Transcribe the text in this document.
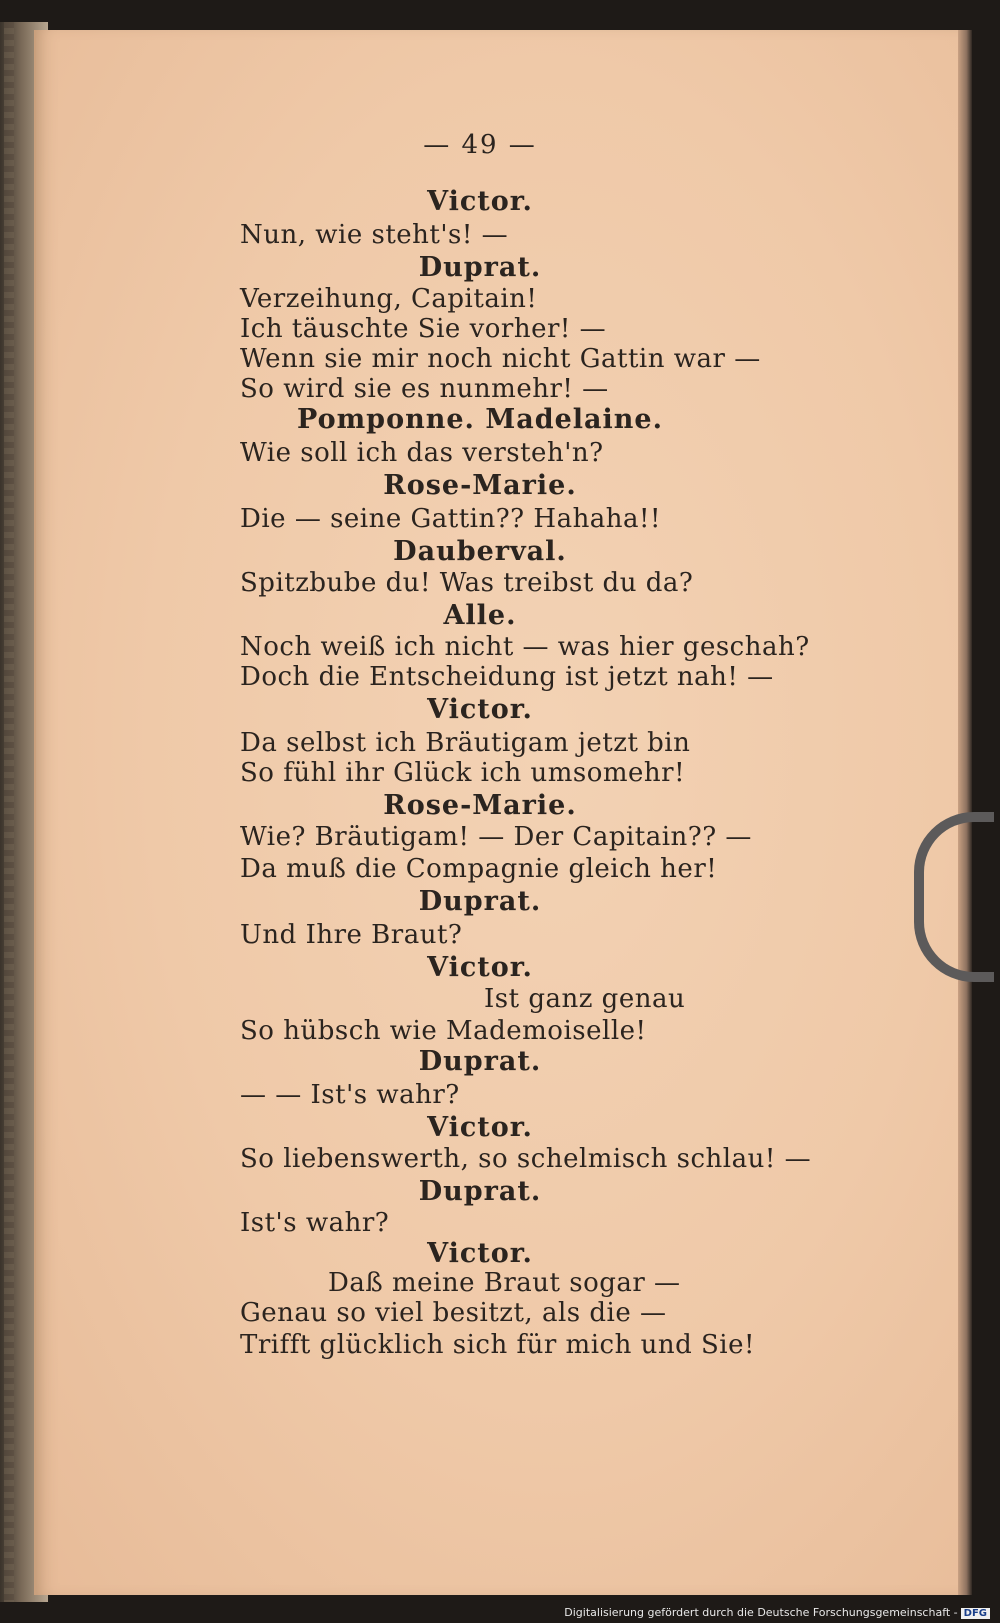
— 49 —
Victor.
Nun, wie steht's! —
Duprat.
Verzeihung, Capitain!
Ich täuschte Sie vorher! —
Wenn sie mir noch nicht Gattin war —
So wird sie es nunmehr! —
Pomponne. Madelaine.
Wie soll ich das versteh'n?
Rose-Marie.
Die — seine Gattin?? Hahaha!!
Dauberval.
Spitzbube du! Was treibst du da?
Alle.
Noch weiß ich nicht — was hier geschah?
Doch die Entscheidung ist jetzt nah! —
Victor.
Da selbst ich Bräutigam jetzt bin
So fühl ihr Glück ich umsomehr!
Rose-Marie.
Wie? Bräutigam! — Der Capitain?? —
Da muß die Compagnie gleich her!
Duprat.
Und Ihre Braut?
Victor.
Ist ganz genau
So hübsch wie Mademoiselle!
Duprat.
— — Ist's wahr?
Victor.
So liebenswerth, so schelmisch schlau! —
Duprat.
Ist's wahr?
Victor.
Daß meine Braut sogar —
Genau so viel besitzt, als die —
Trifft glücklich sich für mich und Sie!
Digitalisierung gefördert durch die Deutsche Forschungsgemeinschaft - DFG
